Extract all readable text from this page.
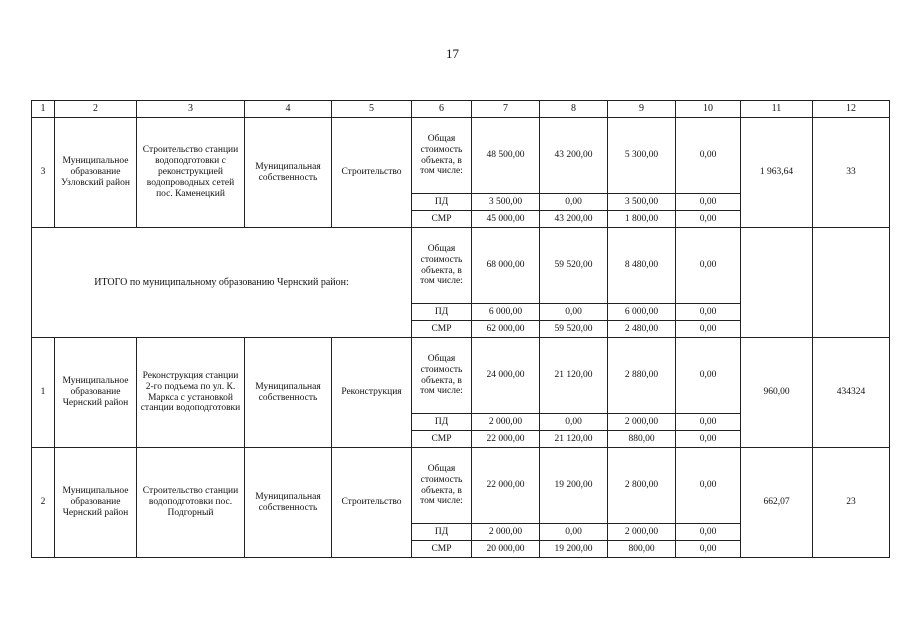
17
1	2	3	4	5	6	7	8	9	10	11	12
3	Муниципальное образование Узловский район	Строительство станции водоподготовки с реконструкцией водопроводных сетей пос. Каменецкий	Муниципальная собственность	Строительство	Общая стоимость объекта, в том числе:	48 500,00	43 200,00	5 300,00	0,00	1 963,64	33
					ПД	3 500,00	0,00	3 500,00	0,00		
					СМР	45 000,00	43 200,00	1 800,00	0,00		
ИТОГО по муниципальному образованию Чернский район:					Общая стоимость объекта, в том числе:	68 000,00	59 520,00	8 480,00	0,00		
					ПД	6 000,00	0,00	6 000,00	0,00		
					СМР	62 000,00	59 520,00	2 480,00	0,00		
1	Муниципальное образование Чернский район	Реконструкция станции 2-го подъема по ул. К. Маркса с установкой станции водоподготовки	Муниципальная собственность	Реконструкция	Общая стоимость объекта, в том числе:	24 000,00	21 120,00	2 880,00	0,00	960,00	434324
					ПД	2 000,00	0,00	2 000,00	0,00		
					СМР	22 000,00	21 120,00	880,00	0,00		
2	Муниципальное образование Чернский район	Строительство станции водоподготовки пос. Подгорный	Муниципальная собственность	Строительство	Общая стоимость объекта, в том числе:	22 000,00	19 200,00	2 800,00	0,00	662,07	23
					ПД	2 000,00	0,00	2 000,00	0,00		
					СМР	20 000,00	19 200,00	800,00	0,00		
